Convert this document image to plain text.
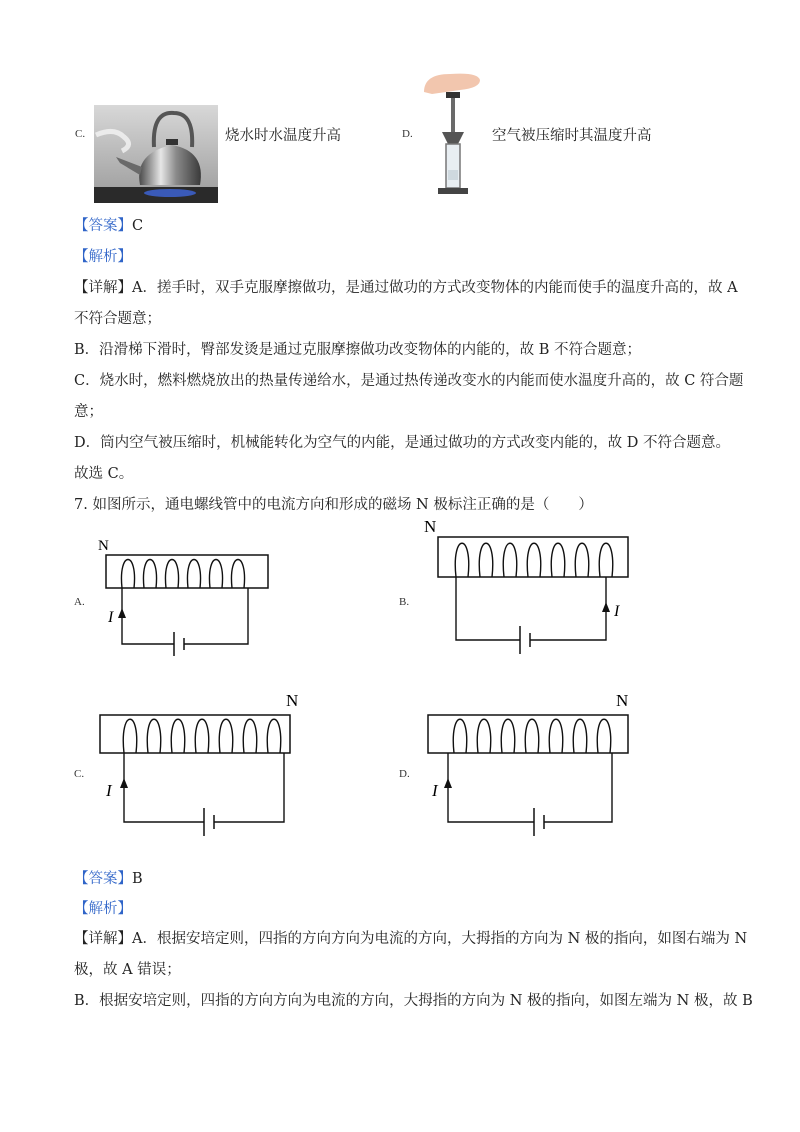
C.	烧水时水温度升高	D.	空气被压缩时其温度升高
【答案】C
【解析】
【详解】A．搓手时，双手克服摩擦做功，是通过做功的方式改变物体的内能而使手的温度升高的，故 A
不符合题意；
B．沿滑梯下滑时，臀部发烫是通过克服摩擦做功改变物体的内能的，故 B 不符合题意；
C．烧水时，燃料燃烧放出的热量传递给水，是通过热传递改变水的内能而使水温度升高的，故 C 符合题
意；
D．筒内空气被压缩时，机械能转化为空气的内能，是通过做功的方式改变内能的，故 D 不符合题意。
故选 C。
7. 如图所示，通电螺线管中的电流方向和形成的磁场 N 极标注正确的是（　　）
N
I
A.
N
I
B.
N
I
C.
N
I
D.
【答案】B
【解析】
【详解】A．根据安培定则，四指的方向方向为电流的方向，大拇指的方向为 N 极的指向，如图右端为 N
极，故 A 错误；
B．根据安培定则，四指的方向方向为电流的方向，大拇指的方向为 N 极的指向，如图左端为 N 极，故 B
